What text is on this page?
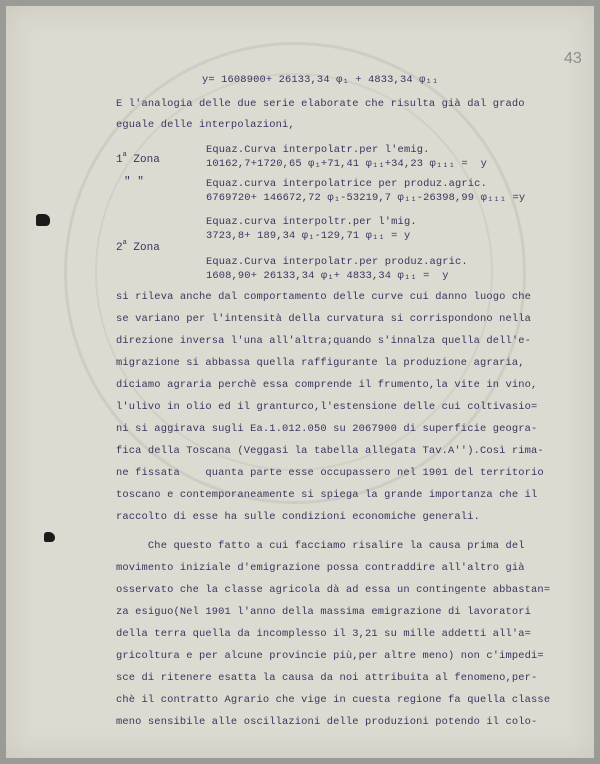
43
y= 1608900+ 26133,34 φ₁ + 4833,34 φ₁₁
E l'analogia delle due serie elaborate che risulta già dal grado
eguale delle interpolazioni,
1$^a$ Zona
Equaz.Curva interpolatr.per l'emig.
10162,7+1720,65 φ₁+71,41 φ₁₁+34,23 φ₁₁₁ =  y
" "	Equaz.curva interpolatrice per produz.agric.
6769720+ 146672,72 φ₁-53219,7 φ₁₁-26398,99 φ₁₁₁ =y
Equaz.curva interpoltr.per l'mig.
3723,8+ 189,34 φ₁-129,71 φ₁₁ = y
2$^a$ Zona
Equaz.Curva interpolatr.per produz.agric.
1608,90+ 26133,34 φ₁+ 4833,34 φ₁₁ =  y
si rileva anche dal comportamento delle curve cui danno luogo che
se variano per l'intensità della curvatura si corrispondono nella
direzione inversa l'una all'altra;quando s'innalza quella dell'e-
migrazione si abbassa quella raffigurante la produzione agraria,
diciamo agraria perchè essa comprende il frumento,la vite in vino,
l'ulivo in olio ed il granturco,l'estensione delle cui coltivasio=
ni si aggirava sugli Ea.1.012.050 su 2067900 di superficie geogra-
fica della Toscana (Veggasi la tabella allegata Tav.A'').Così rima-
ne fissata    quanta parte esse occupassero nel 1901 del territorio
toscano e contemporaneamente si spiega la grande importanza che il
raccolto di esse ha sulle condizioni economiche generali.
Che questo fatto a cui facciamo risalire la causa prima del
movimento iniziale d'emigrazione possa contraddire all'altro già
osservato che la classe agricola dà ad essa un contingente abbastan=
za esiguo(Nel 1901 l'anno della massima emigrazione di lavoratori
della terra quella da incomplesso il 3,21 su mille addetti all'a=
gricoltura e per alcune provincie più,per altre meno) non c'impedi=
sce di ritenere esatta la causa da noi attribuita al fenomeno,per-
chè il contratto Agrario che vige in cuesta regione fa quella classe
meno sensibile alle oscillazioni delle produzioni potendo il colo-
